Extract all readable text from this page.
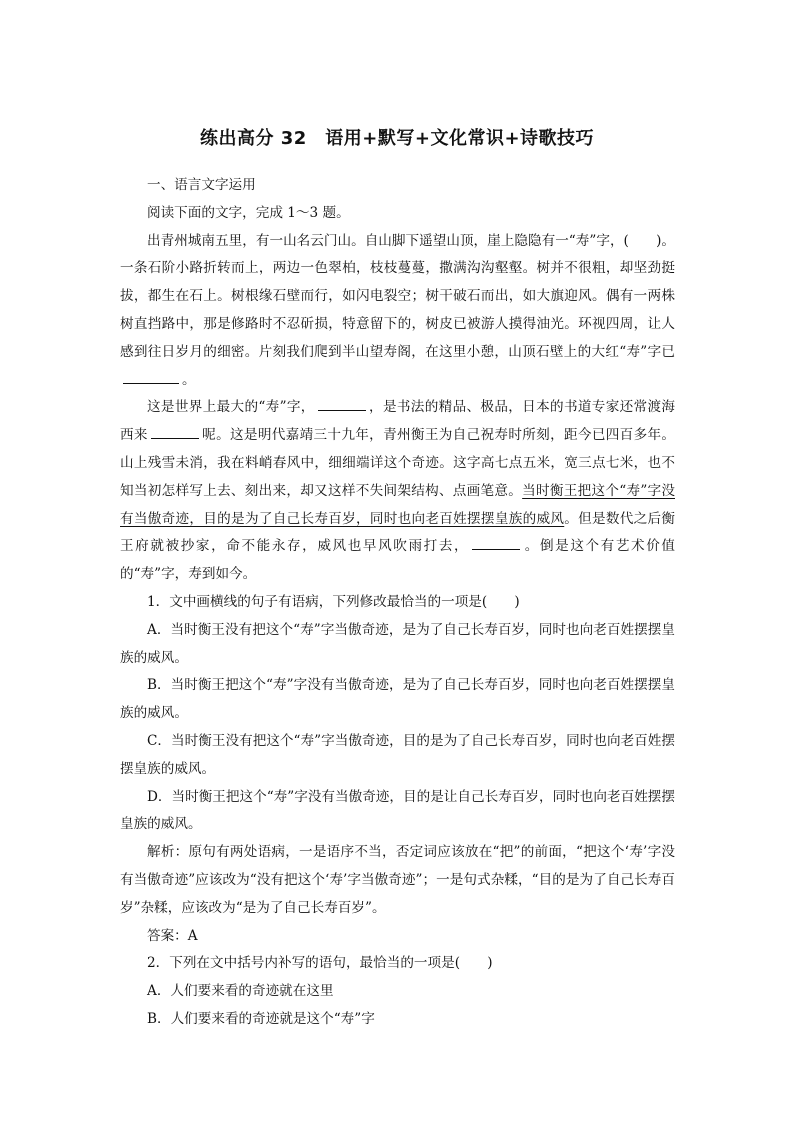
练出高分 32　语用+默写+文化常识+诗歌技巧

一、语言文字运用

阅读下面的文字，完成 1～3 题。

出青州城南五里，有一山名云门山。自山脚下遥望山顶，崖上隐隐有一“寿”字，(　　)。一条石阶小路折转而上，两边一色翠柏，枝枝蔓蔓，撒满沟沟壑壑。树并不很粗，却坚劲挺拔，都生在石上。树根缘石壁而行，如闪电裂空；树干破石而出，如大旗迎风。偶有一两株树直挡路中，那是修路时不忍斫损，特意留下的，树皮已被游人摸得油光。环视四周，让人感到往日岁月的细密。片刻我们爬到半山望寿阁，在这里小憩，山顶石壁上的大红“寿”字已。

这是世界上最大的“寿”字，	，是书法的精品、极品，日本的书道专家还常渡海西来	呢。这是明代嘉靖三十九年，青州衡王为自己祝寿时所刻，距今已四百多年。山上残雪未消，我在料峭春风中，细细端详这个奇迹。这字高七点五米，宽三点七米，也不知当初怎样写上去、刻出来，却又这样不失间架结构、点画笔意。当时衡王把这个“寿”字没有当傲奇迹，目的是为了自己长寿百岁，同时也向老百姓摆摆皇族的威风。但是数代之后衡王府就被抄家，命不能永存，威风也早风吹雨打去，	。倒是这个有艺术价值的“寿”字，寿到如今。

1．文中画横线的句子有语病，下列修改最恰当的一项是(　　)

A．当时衡王没有把这个“寿”字当傲奇迹，是为了自己长寿百岁，同时也向老百姓摆摆皇族的威风。

B．当时衡王把这个“寿”字没有当傲奇迹，是为了自己长寿百岁，同时也向老百姓摆摆皇族的威风。

C．当时衡王没有把这个“寿”字当傲奇迹，目的是为了自己长寿百岁，同时也向老百姓摆摆皇族的威风。

D．当时衡王把这个“寿”字没有当傲奇迹，目的是让自己长寿百岁，同时也向老百姓摆摆皇族的威风。

解析：原句有两处语病，一是语序不当，否定词应该放在“把”的前面，“把这个‘寿’字没有当傲奇迹”应该改为“没有把这个‘寿’字当傲奇迹”；一是句式杂糅，“目的是为了自己长寿百岁”杂糅，应该改为“是为了自己长寿百岁”。

答案：A

2．下列在文中括号内补写的语句，最恰当的一项是(　　)

A．人们要来看的奇迹就在这里

B．人们要来看的奇迹就是这个“寿”字
